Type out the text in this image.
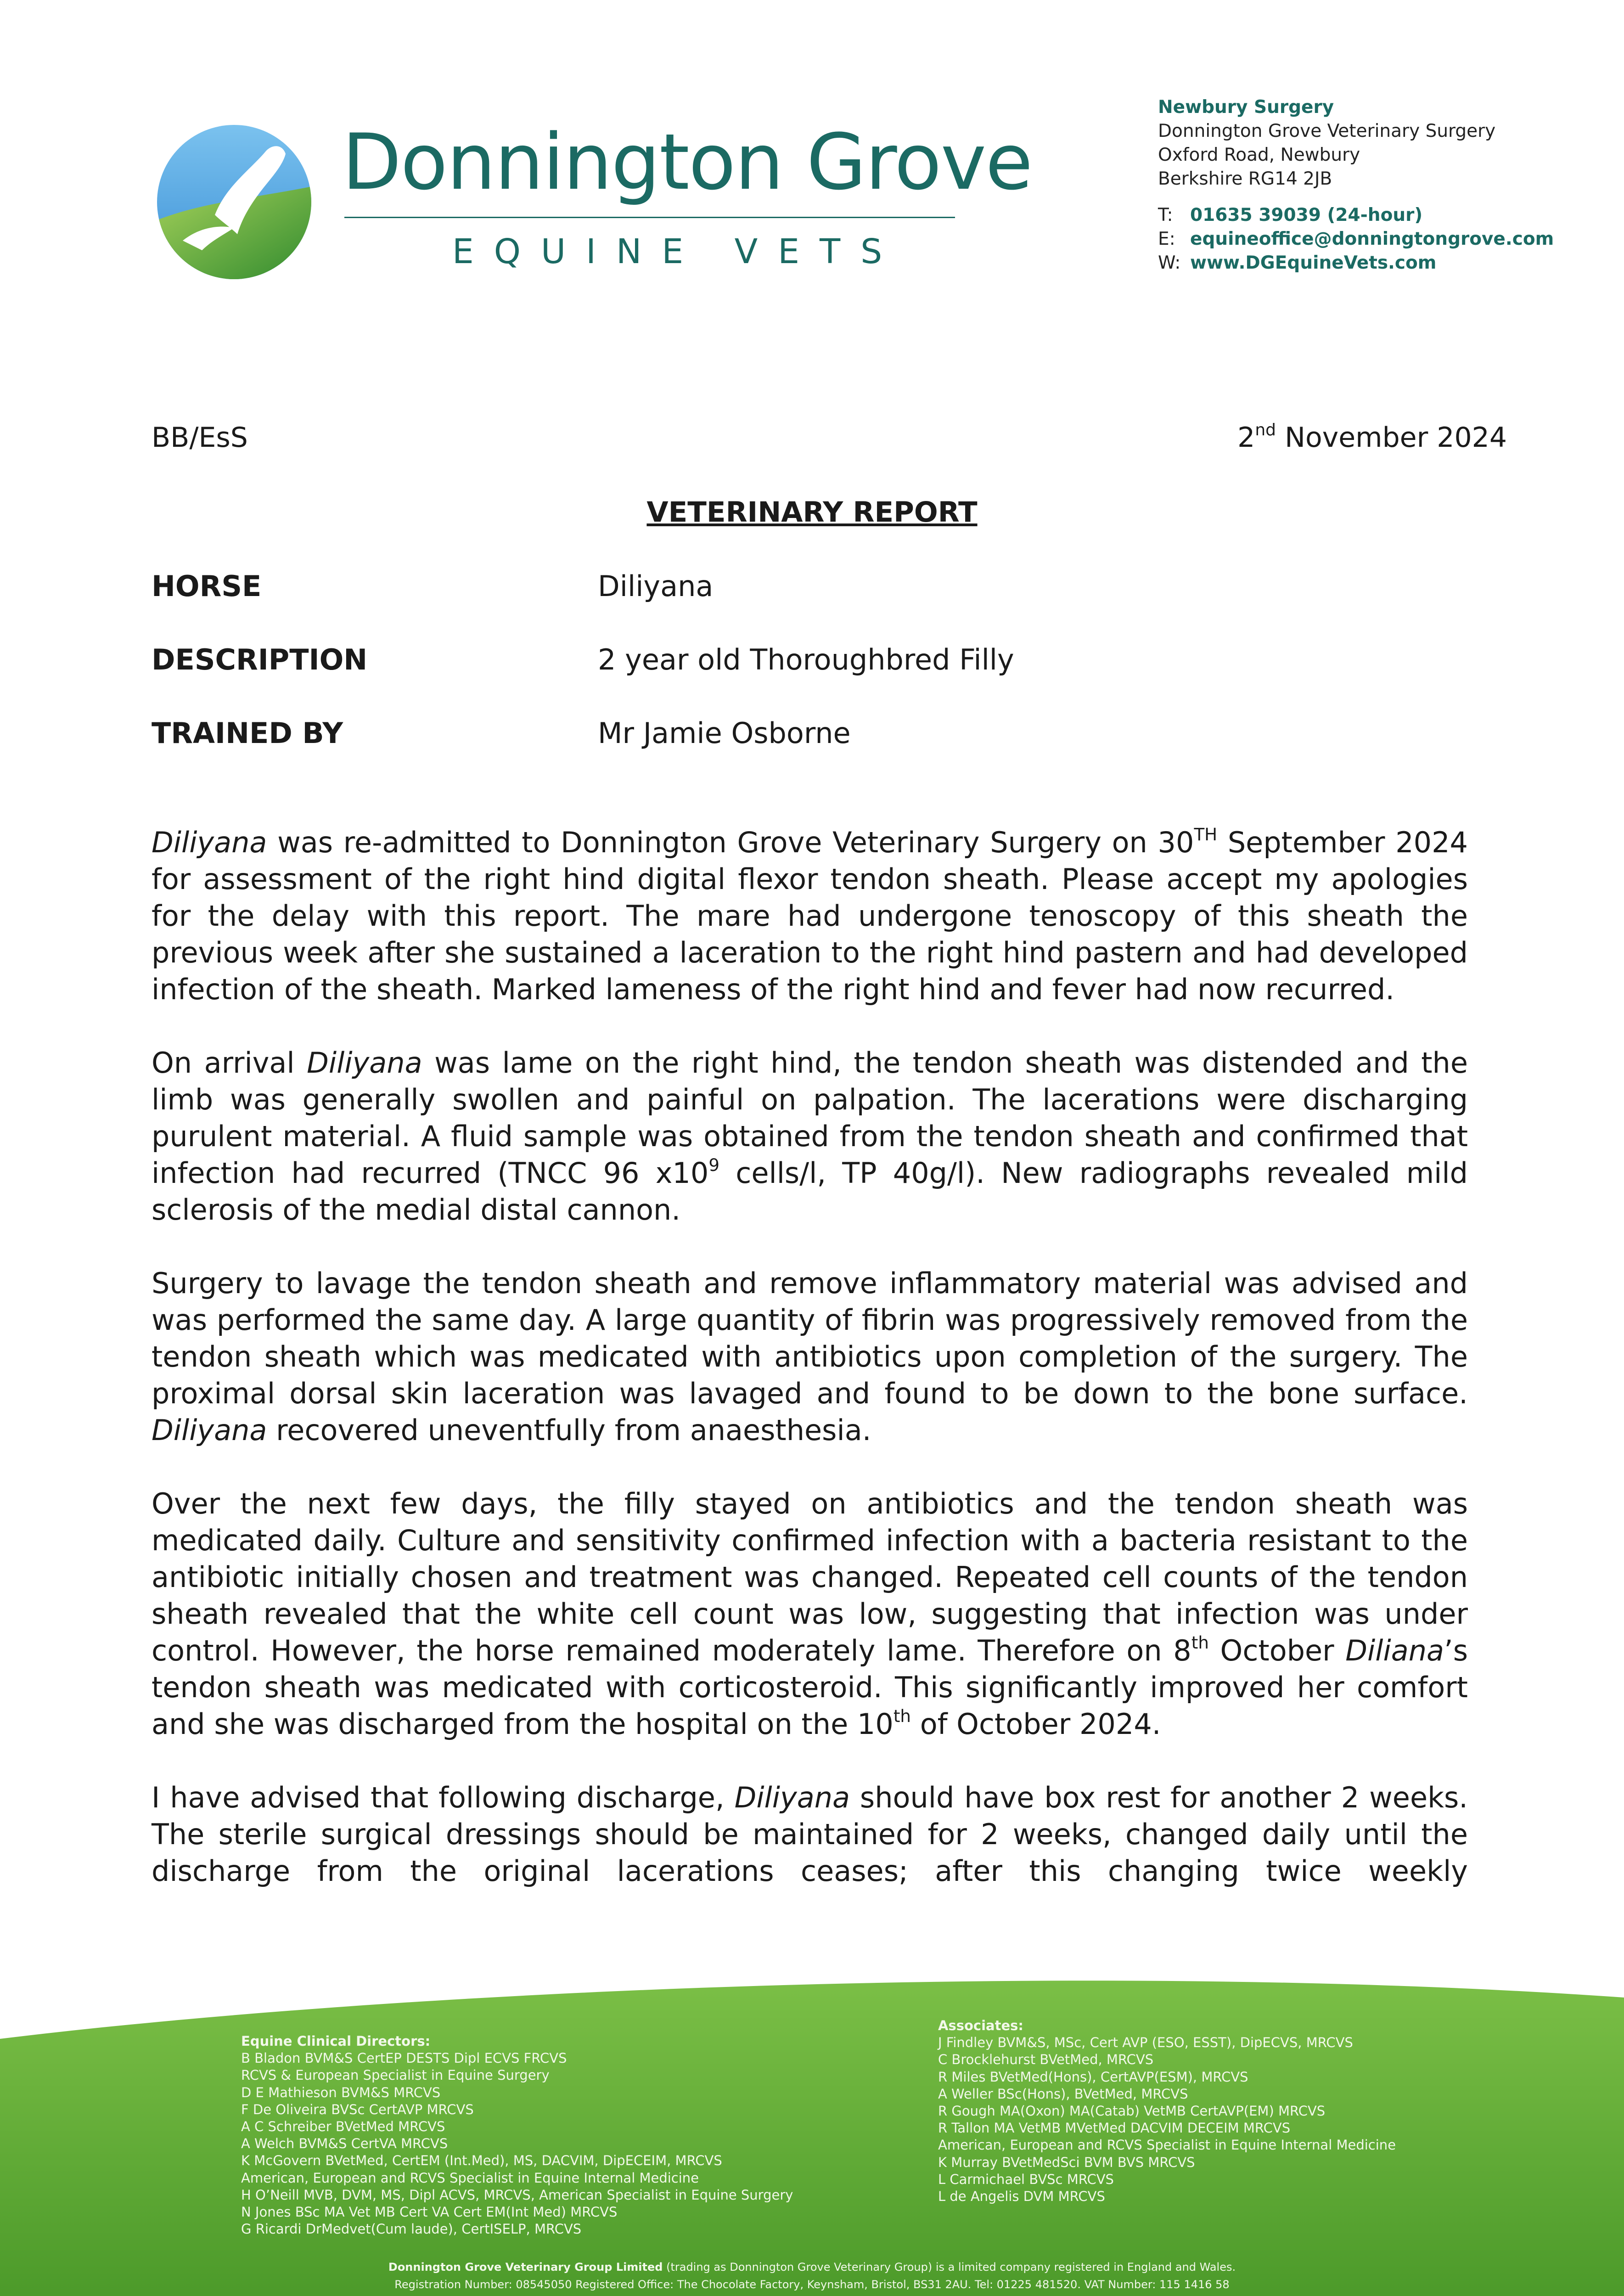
Donnington Grove
EQUINE VETS
Newbury Surgery
Donnington Grove Veterinary Surgery
Oxford Road, Newbury
Berkshire RG14 2JB
T: 01635 39039 (24-hour)
E: equineoffice@donningtongrove.com
W: www.DGEquineVets.com
BB/EsS	2nd November 2024
VETERINARY REPORT
HORSE	Diliyana
DESCRIPTION	2 year old Thoroughbred Filly
TRAINED BY	Mr Jamie Osborne

Diliyana was re-admitted to Donnington Grove Veterinary Surgery on 30TH September 2024 for assessment of the right hind digital flexor tendon sheath. Please accept my apologies for the delay with this report. The mare had undergone tenoscopy of this sheath the previous week after she sustained a laceration to the right hind pastern and had developed infection of the sheath. Marked lameness of the right hind and fever had now recurred.

On arrival Diliyana was lame on the right hind, the tendon sheath was distended and the limb was generally swollen and painful on palpation. The lacerations were discharging purulent material. A fluid sample was obtained from the tendon sheath and confirmed that infection had recurred (TNCC 96 $x10^9$ cells/l, TP 40g/l). New radiographs revealed mild sclerosis of the medial distal cannon.

Surgery to lavage the tendon sheath and remove inflammatory material was advised and was performed the same day. A large quantity of fibrin was progressively removed from the tendon sheath which was medicated with antibiotics upon completion of the surgery. The proximal dorsal skin laceration was lavaged and found to be down to the bone surface. Diliyana recovered uneventfully from anaesthesia.

Over the next few days, the filly stayed on antibiotics and the tendon sheath was medicated daily. Culture and sensitivity confirmed infection with a bacteria resistant to the antibiotic initially chosen and treatment was changed. Repeated cell counts of the tendon sheath revealed that the white cell count was low, suggesting that infection was under control. However, the horse remained moderately lame. Therefore on 8th October Diliana’s tendon sheath was medicated with corticosteroid. This significantly improved her comfort and she was discharged from the hospital on the 10th of October 2024.

I have advised that following discharge, Diliyana should have box rest for another 2 weeks. The sterile surgical dressings should be maintained for 2 weeks, changed daily until the discharge from the original lacerations ceases; after this changing twice weekly

Equine Clinical Directors:
B Bladon BVM&S CertEP DESTS Dipl ECVS FRCVS
RCVS & European Specialist in Equine Surgery
D E Mathieson BVM&S MRCVS
F De Oliveira BVSc CertAVP MRCVS
A C Schreiber BVetMed MRCVS
A Welch BVM&S CertVA MRCVS
K McGovern BVetMed, CertEM (Int.Med), MS, DACVIM, DipECEIM, MRCVS
American, European and RCVS Specialist in Equine Internal Medicine
H O’Neill MVB, DVM, MS, Dipl ACVS, MRCVS, American Specialist in Equine Surgery
N Jones BSc MA Vet MB Cert VA Cert EM(Int Med) MRCVS
G Ricardi DrMedvet(Cum laude), CertISELP, MRCVS
Associates:
J Findley BVM&S, MSc, Cert AVP (ESO, ESST), DipECVS, MRCVS
C Brocklehurst BVetMed, MRCVS
R Miles BVetMed(Hons), CertAVP(ESM), MRCVS
A Weller BSc(Hons), BVetMed, MRCVS
R Gough MA(Oxon) MA(Catab) VetMB CertAVP(EM) MRCVS
R Tallon MA VetMB MVetMed DACVIM DECEIM MRCVS
American, European and RCVS Specialist in Equine Internal Medicine
K Murray BVetMedSci BVM BVS MRCVS
L Carmichael BVSc MRCVS
L de Angelis DVM MRCVS
Donnington Grove Veterinary Group Limited (trading as Donnington Grove Veterinary Group) is a limited company registered in England and Wales.
Registration Number: 08545050 Registered Office: The Chocolate Factory, Keynsham, Bristol, BS31 2AU. Tel: 01225 481520. VAT Number: 115 1416 58
